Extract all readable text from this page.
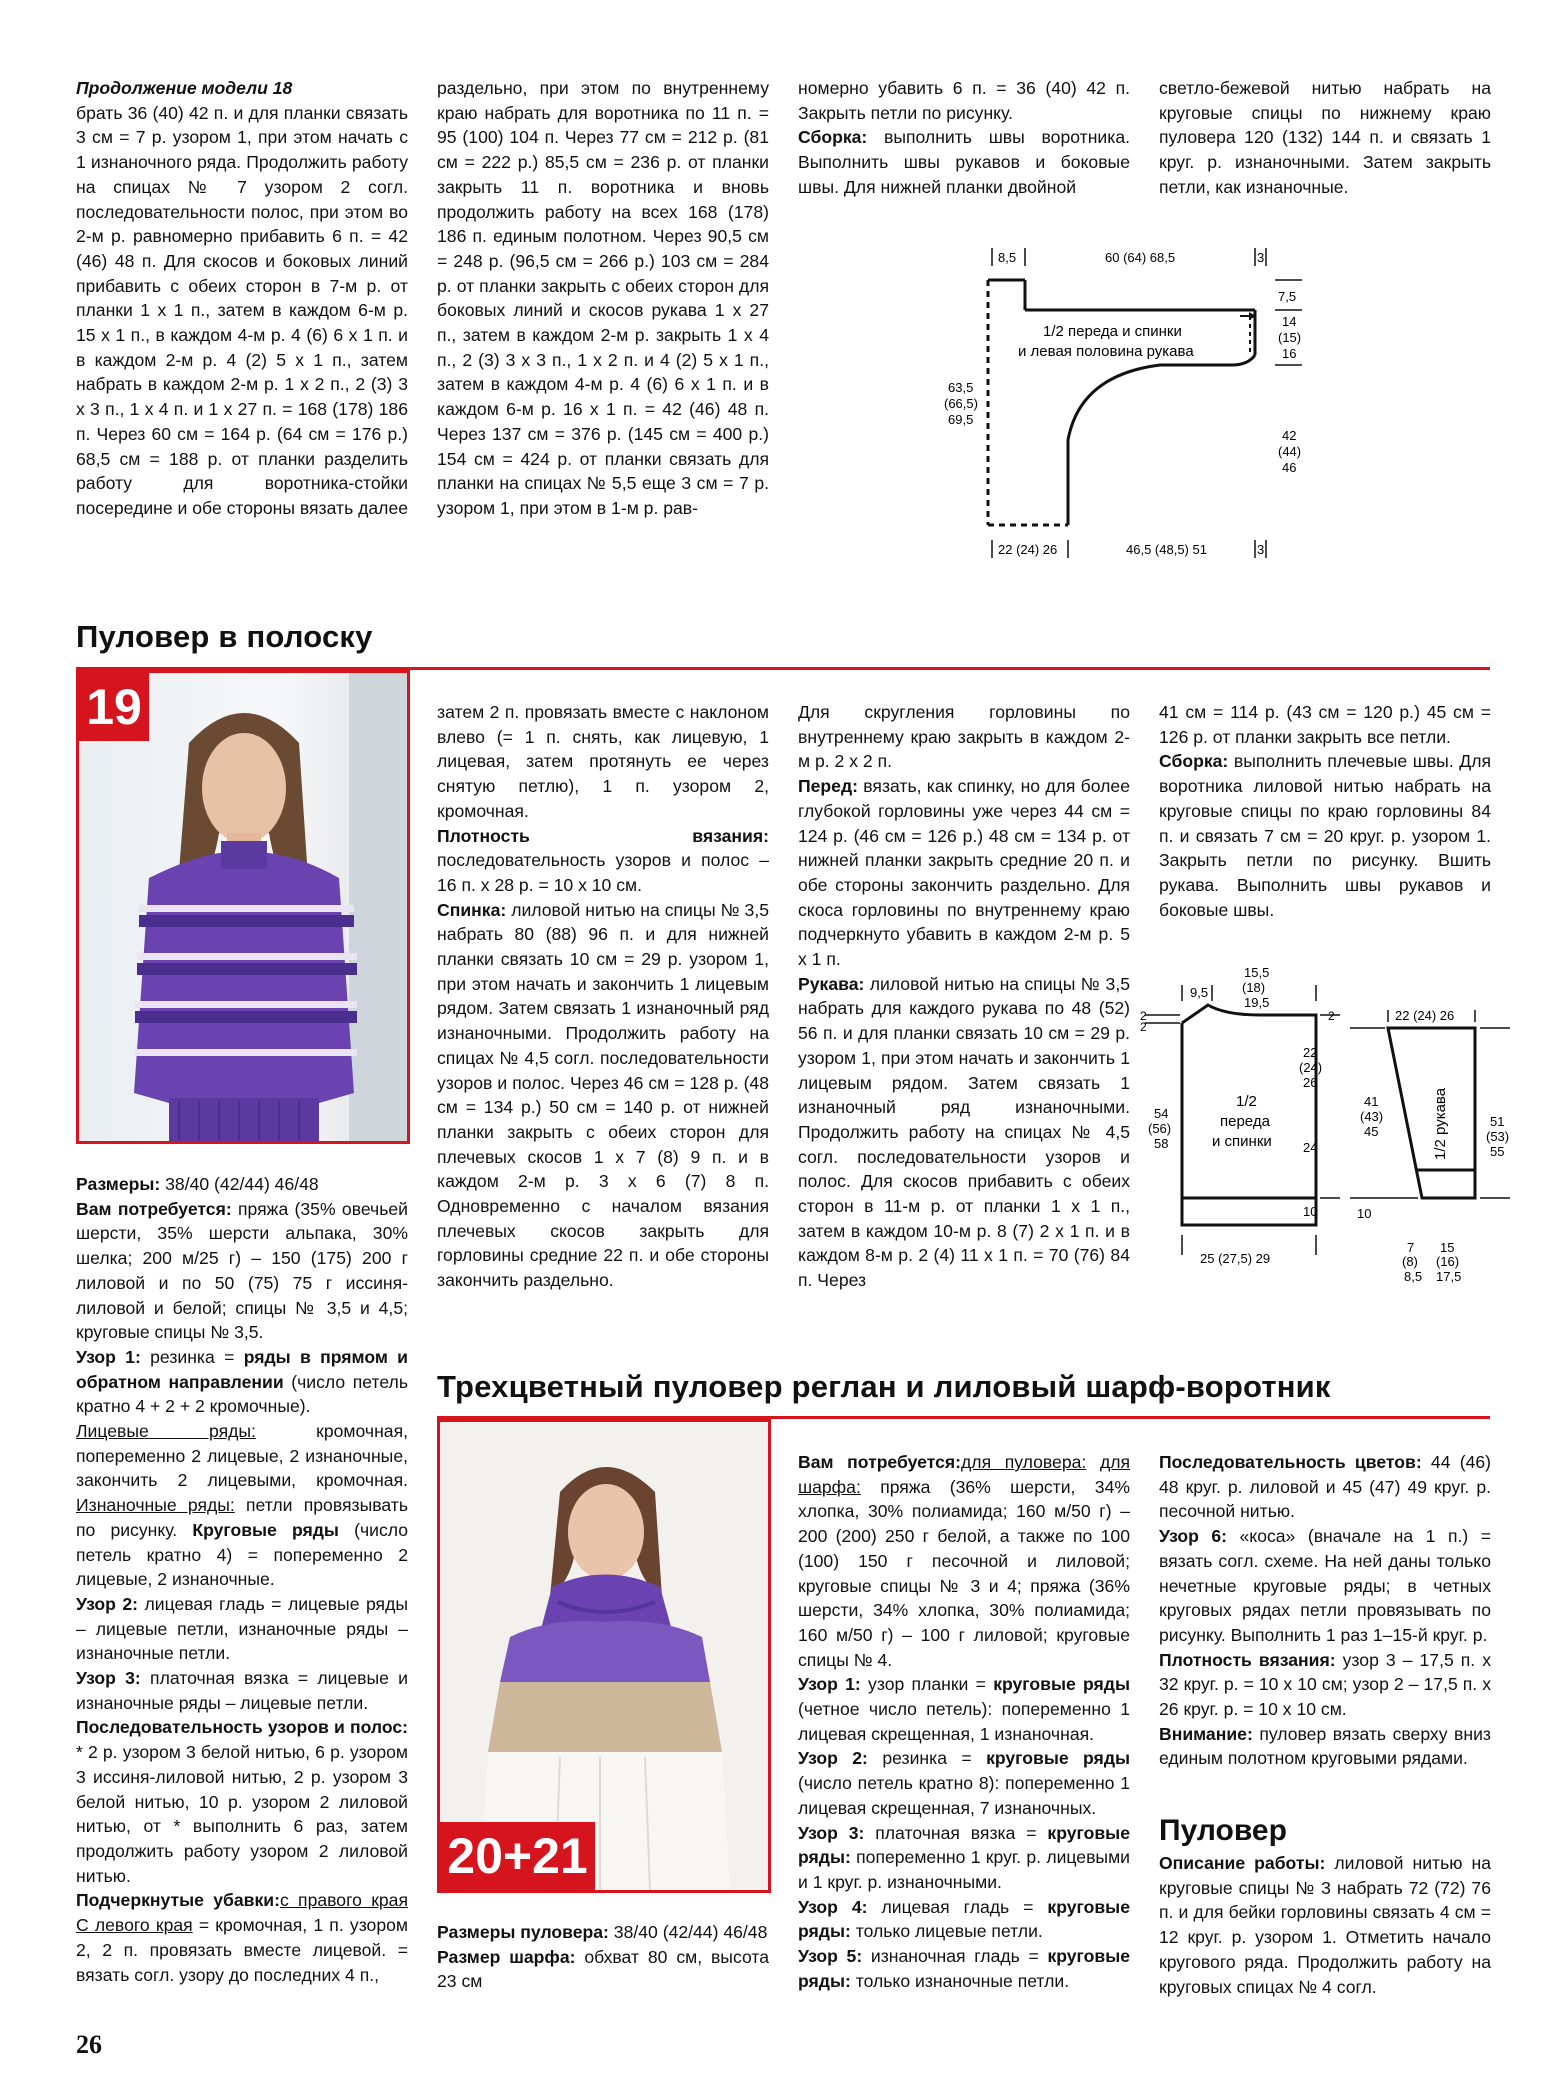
Продолжение модели 18

брать 36 (40) 42 п. и для планки связать 3 см = 7 р. узором 1, при этом начать с 1 изнаночного ряда. Продолжить работу на спицах № 7 узором 2 согл. последовательности полос, при этом во 2-м р. равномерно прибавить 6 п. = 42 (46) 48 п. Для скосов и боковых линий прибавить с обеих сторон в 7-м р. от планки 1 х 1 п., затем в каждом 6-м р. 15 х 1 п., в каждом 4-м р. 4 (6) 6 х 1 п. и в каждом 2-м р. 4 (2) 5 х 1 п., затем набрать в каждом 2-м р. 1 х 2 п., 2 (3) 3 х 3 п., 1 х 4 п. и 1 х 27 п. = 168 (178) 186 п. Через 60 см = 164 р. (64 см = 176 р.) 68,5 см = 188 р. от планки разделить работу для воротника-стойки посередине и обе стороны вязать далее

раздельно, при этом по внутреннему краю набрать для воротника по 11 п. = 95 (100) 104 п. Через 77 см = 212 р. (81 см = 222 р.) 85,5 см = 236 р. от планки закрыть 11 п. воротника и вновь продолжить работу на всех 168 (178) 186 п. единым полотном. Через 90,5 см = 248 р. (96,5 см = 266 р.) 103 см = 284 р. от планки закрыть с обеих сторон для боковых линий и скосов рукава 1 х 27 п., затем в каждом 2-м р. закрыть 1 х 4 п., 2 (3) 3 х 3 п., 1 х 2 п. и 4 (2) 5 х 1 п., затем в каждом 4-м р. 4 (6) 6 х 1 п. и в каждом 6-м р. 16 х 1 п. = 42 (46) 48 п. Через 137 см = 376 р. (145 см = 400 р.) 154 см = 424 р. от планки связать для планки на спицах № 5,5 еще 3 см = 7 р. узором 1, при этом в 1-м р. рав-

номерно убавить 6 п. = 36 (40) 42 п. Закрыть петли по рисунку.

Сборка: выполнить швы воротника. Выполнить швы рукавов и боковые швы. Для нижней планки двойной

светло-бежевой нитью набрать на круговые спицы по нижнему краю пуловера 120 (132) 144 п. и связать 1 круг. р. изнаночными. Затем закрыть петли, как изнаночные.

8,5	60 (64) 68,5	3
1/2 переда и спинки
и левая половина рукава
7,5
14
(15)
16
63,5
(66,5)
69,5
42
(44)
46
22 (24) 26	46,5 (48,5) 51	3
Пуловер в полоску
19

Размеры: 38/40 (42/44) 46/48

Вам потребуется: пряжа (35% овечьей шерсти, 35% шерсти альпака, 30% шелка; 200 м/25 г) – 150 (175) 200 г лиловой и по 50 (75) 75 г иссиня-лиловой и белой; спицы № 3,5 и 4,5; круговые спицы № 3,5.

Узор 1: резинка = ряды в прямом и обратном направлении (число петель кратно 4 + 2 + 2 кромочные).

Лицевые ряды: кромочная, попеременно 2 лицевые, 2 изнаночные, закончить 2 лицевыми, кромочная. Изнаночные ряды: петли провязывать по рисунку. Круговые ряды (число петель кратно 4) = попеременно 2 лицевые, 2 изнаночные.

Узор 2: лицевая гладь = лицевые ряды – лицевые петли, изнаночные ряды – изнаночные петли.

Узор 3: платочная вязка = лицевые и изнаночные ряды – лицевые петли.

Последовательность узоров и полос: * 2 р. узором 3 белой нитью, 6 р. узором 3 иссиня-лиловой нитью, 2 р. узором 3 белой нитью, 10 р. узором 2 лиловой нитью, от * выполнить 6 раз, затем продолжить работу узором 2 лиловой нитью.

Подчеркнутые убавки:с правого края С левого края = кромочная, 1 п. узором 2, 2 п. провязать вместе лицевой. = вязать согл. узору до последних 4 п.,

затем 2 п. провязать вместе с наклоном влево (= 1 п. снять, как лицевую, 1 лицевая, затем протянуть ее через снятую петлю), 1 п. узором 2, кромочная.

Плотность вязания: последовательность узоров и полос – 16 п. х 28 р. = 10 х 10 см.

Спинка: лиловой нитью на спицы № 3,5 набрать 80 (88) 96 п. и для нижней планки связать 10 см = 29 р. узором 1, при этом начать и закончить 1 лицевым рядом. Затем связать 1 изнаночный ряд изнаночными. Продолжить работу на спицах № 4,5 согл. последовательности узоров и полос. Через 46 см = 128 р. (48 см = 134 р.) 50 см = 140 р. от нижней планки закрыть с обеих сторон для плечевых скосов 1 х 7 (8) 9 п. и в каждом 2-м р. 3 х 6 (7) 8 п. Одновременно с началом вязания плечевых скосов закрыть для горловины средние 22 п. и обе стороны закончить раздельно.

Для скругления горловины по внутреннему краю закрыть в каждом 2-м р. 2 х 2 п.

Перед: вязать, как спинку, но для более глубокой горловины уже через 44 см = 124 р. (46 см = 126 р.) 48 см = 134 р. от нижней планки закрыть средние 20 п. и обе стороны закончить раздельно. Для скоса горловины по внутреннему краю подчеркнуто убавить в каждом 2-м р. 5 х 1 п.

Рукава: лиловой нитью на спицы № 3,5 набрать для каждого рукава по 48 (52) 56 п. и для планки связать 10 см = 29 р. узором 1, при этом начать и закончить 1 лицевым рядом. Затем связать 1 изнаночный ряд изнаночными. Продолжить работу на спицах № 4,5 согл. последовательности узоров и полос. Для скосов прибавить с обеих сторон в 11-м р. от планки 1 х 1 п., затем в каждом 10-м р. 8 (7) 2 х 1 п. и в каждом 8-м р. 2 (4) 11 х 1 п. = 70 (76) 84 п. Через

41 см = 114 р. (43 см = 120 р.) 45 см = 126 р. от планки закрыть все петли.

Сборка: выполнить плечевые швы. Для воротника лиловой нитью набрать на круговые спицы по краю горловины 84 п. и связать 7 см = 20 круг. р. узором 1. Закрыть петли по рисунку. Вшить рукава. Выполнить швы рукавов и боковые швы.

9,5
15,5
(18)
19,5
2
2
2
22
(24)
26
1/2
переда
и спинки
54
(56)
58	24
10
25 (27,5) 29
22 (24) 26
1/2 рукава
41
(43)
45
51
(53)
55
10
7
(8)
8,5
15
(16)
17,5
Трехцветный пуловер реглан и лиловый шарф-воротник
20+21

Размеры пуловера: 38/40 (42/44) 46/48

Размер шарфа: обхват 80 см, высота 23 см

Вам потребуется:для пуловера: для шарфа: пряжа (36% шерсти, 34% хлопка, 30% полиамида; 160 м/50 г) – 200 (200) 250 г белой, а также по 100 (100) 150 г песочной и лиловой; круговые спицы № 3 и 4; пряжа (36% шерсти, 34% хлопка, 30% полиамида; 160 м/50 г) – 100 г лиловой; круговые спицы № 4.

Узор 1: узор планки = круговые ряды (четное число петель): попеременно 1 лицевая скрещенная, 1 изнаночная.

Узор 2: резинка = круговые ряды (число петель кратно 8): попеременно 1 лицевая скрещенная, 7 изнаночных.

Узор 3: платочная вязка = круговые ряды: попеременно 1 круг. р. лицевыми и 1 круг. р. изнаночными.

Узор 4: лицевая гладь = круговые ряды: только лицевые петли.

Узор 5: изнаночная гладь = круговые ряды: только изнаночные петли.

Последовательность цветов: 44 (46) 48 круг. р. лиловой и 45 (47) 49 круг. р. песочной нитью.

Узор 6: «коса» (вначале на 1 п.) = вязать согл. схеме. На ней даны только нечетные круговые ряды; в четных круговых рядах петли провязывать по рисунку. Выполнить 1 раз 1–15-й круг. р.

Плотность вязания: узор 3 – 17,5 п. х 32 круг. р. = 10 х 10 см; узор 2 – 17,5 п. х 26 круг. р. = 10 х 10 см.

Внимание: пуловер вязать сверху вниз единым полотном круговыми рядами.

Пуловер

Описание работы: лиловой нитью на круговые спицы № 3 набрать 72 (72) 76 п. и для бейки горловины связать 4 см = 12 круг. р. узором 1. Отметить начало кругового ряда. Продолжить работу на круговых спицах № 4 согл.

26
